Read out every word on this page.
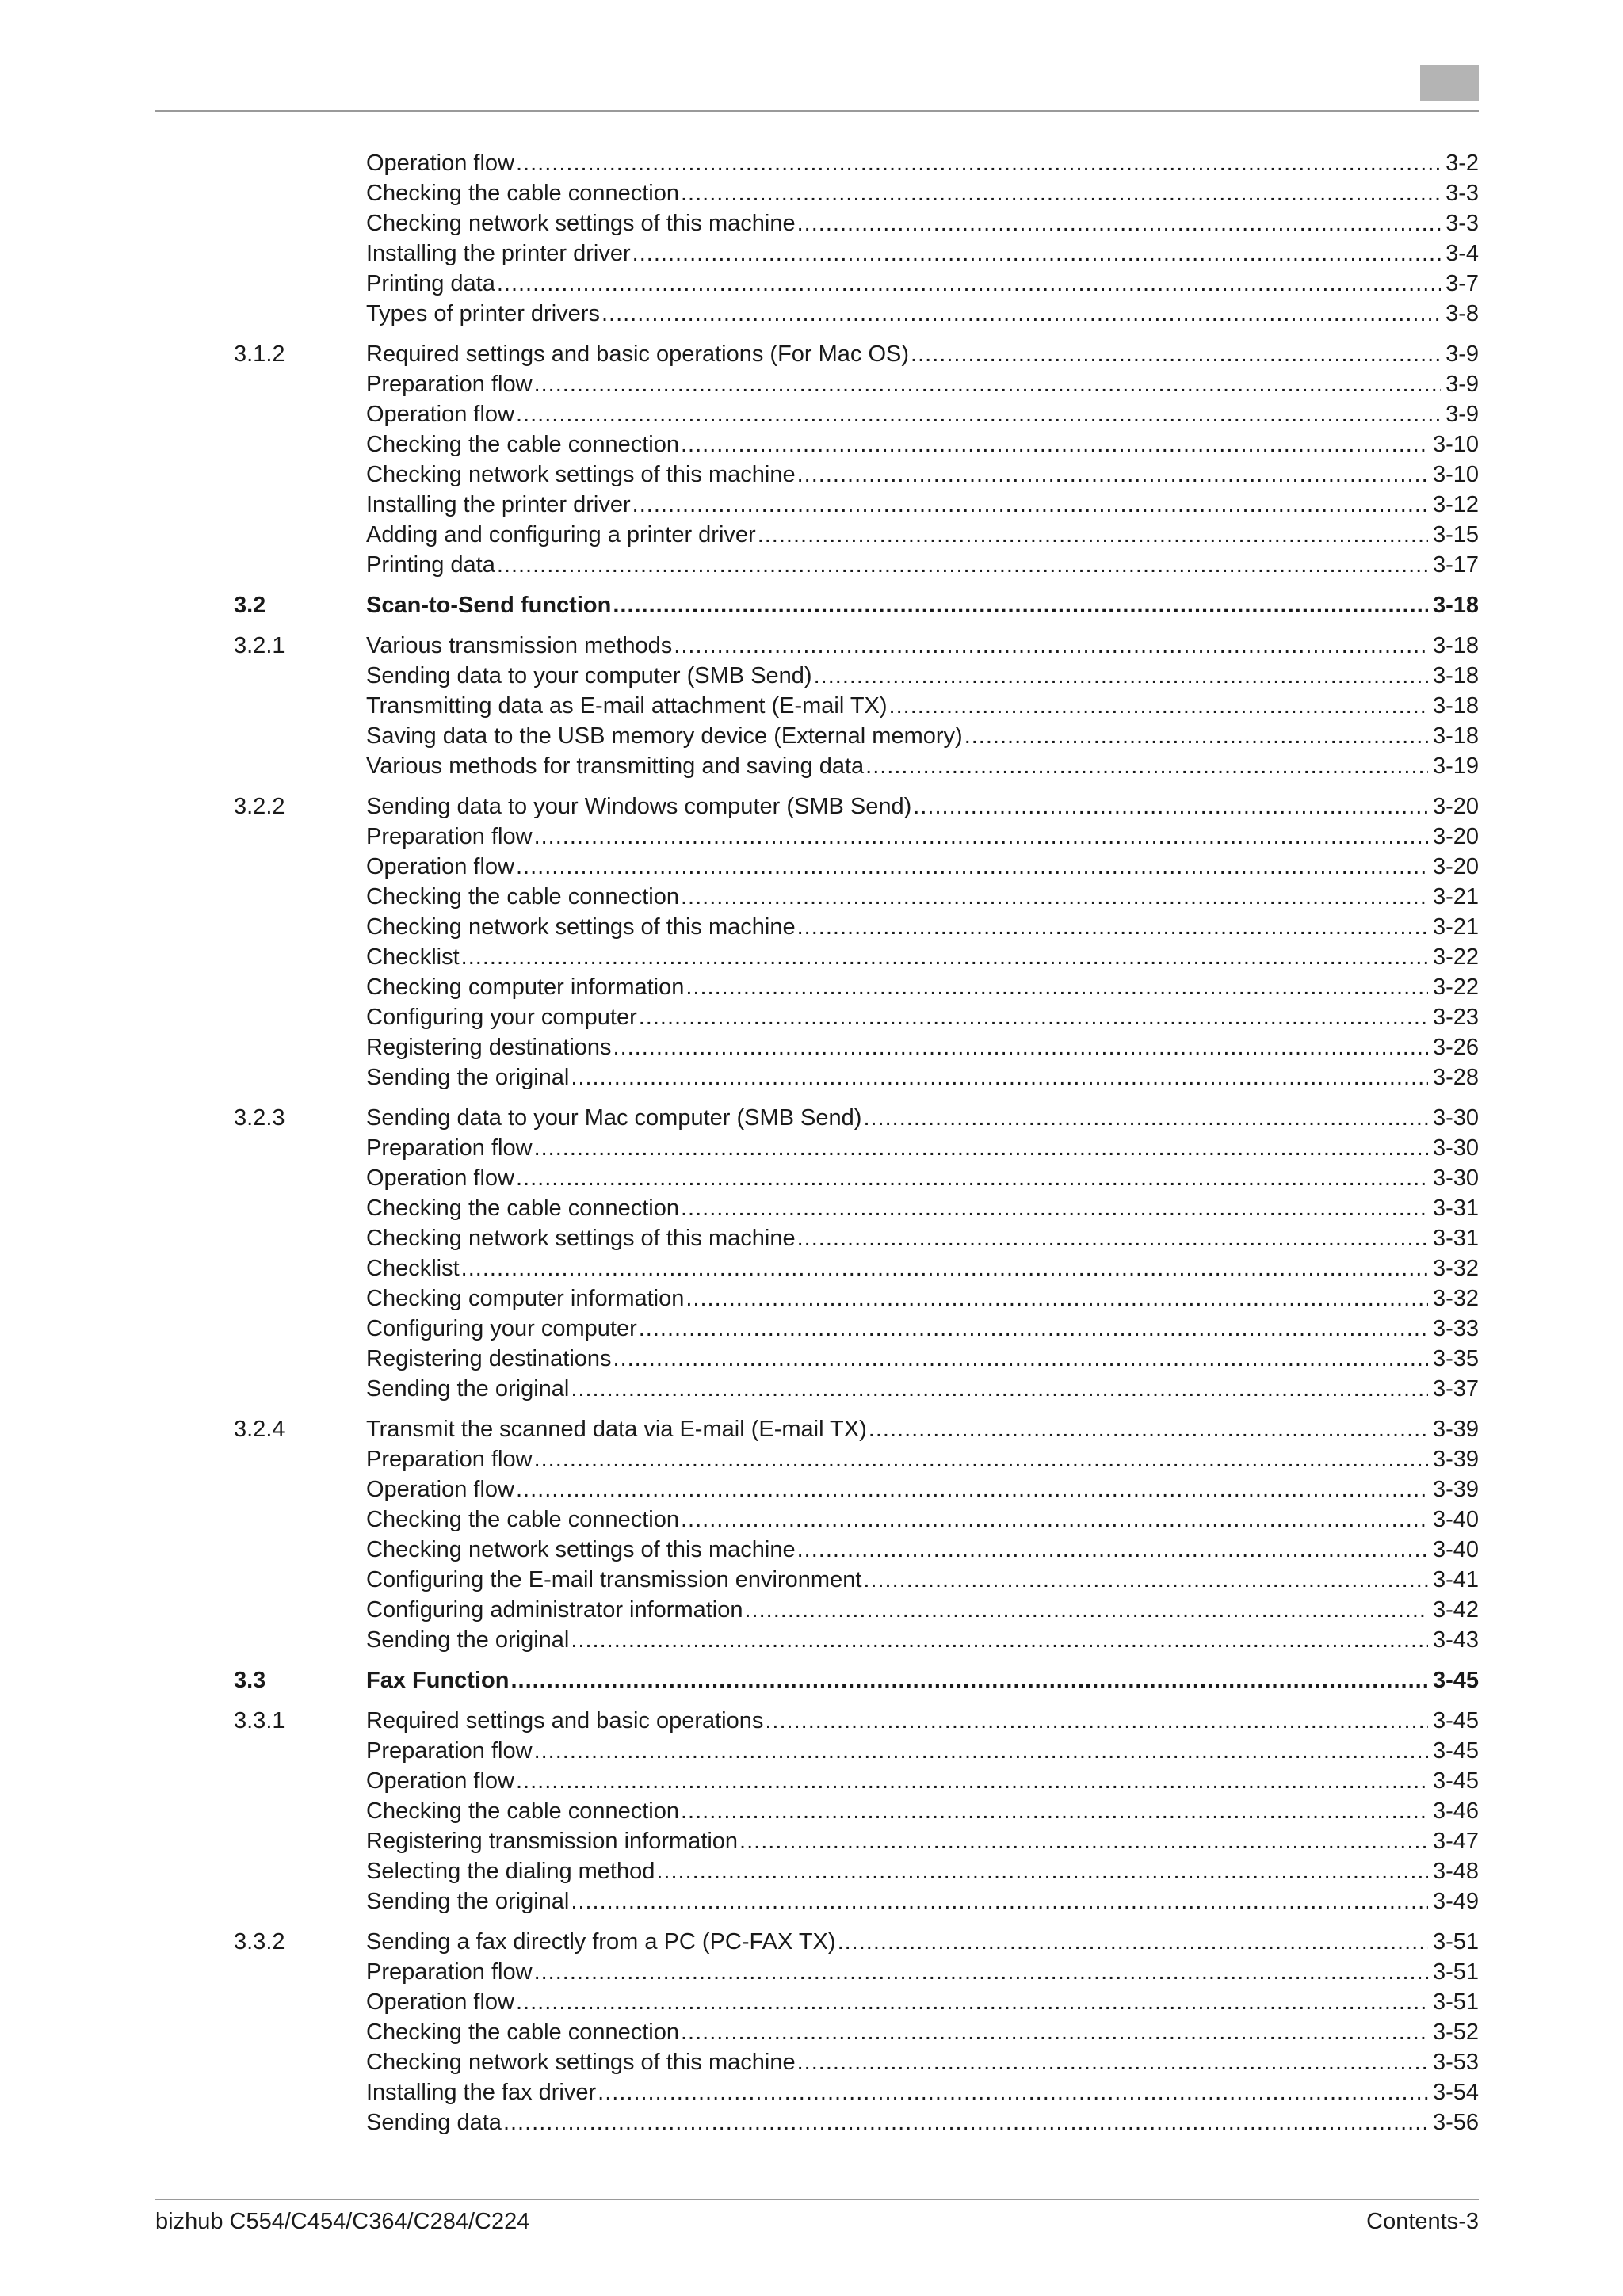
Operation flow .....	3-2
Checking the cable connection .....	3-3
Checking network settings of this machine .....	3-3
Installing the printer driver .....	3-4
Printing data .....	3-7
Types of printer drivers .....	3-8
3.1.2	Required settings and basic operations (For Mac OS) .....	3-9
Preparation flow .....	3-9
Operation flow .....	3-9
Checking the cable connection .....	3-10
Checking network settings of this machine .....	3-10
Installing the printer driver .....	3-12
Adding and configuring a printer driver .....	3-15
Printing data .....	3-17
3.2	Scan-to-Send function .....	3-18
3.2.1	Various transmission methods .....	3-18
Sending data to your computer (SMB Send) .....	3-18
Transmitting data as E-mail attachment (E-mail TX) .....	3-18
Saving data to the USB memory device (External memory) .....	3-18
Various methods for transmitting and saving data .....	3-19
3.2.2	Sending data to your Windows computer (SMB Send) .....	3-20
Preparation flow .....	3-20
Operation flow .....	3-20
Checking the cable connection .....	3-21
Checking network settings of this machine .....	3-21
Checklist .....	3-22
Checking computer information .....	3-22
Configuring your computer .....	3-23
Registering destinations .....	3-26
Sending the original .....	3-28
3.2.3	Sending data to your Mac computer (SMB Send) .....	3-30
Preparation flow .....	3-30
Operation flow .....	3-30
Checking the cable connection .....	3-31
Checking network settings of this machine .....	3-31
Checklist .....	3-32
Checking computer information .....	3-32
Configuring your computer .....	3-33
Registering destinations .....	3-35
Sending the original .....	3-37
3.2.4	Transmit the scanned data via E-mail (E-mail TX) .....	3-39
Preparation flow .....	3-39
Operation flow .....	3-39
Checking the cable connection .....	3-40
Checking network settings of this machine .....	3-40
Configuring the E-mail transmission environment .....	3-41
Configuring administrator information .....	3-42
Sending the original .....	3-43
3.3	Fax Function .....	3-45
3.3.1	Required settings and basic operations .....	3-45
Preparation flow .....	3-45
Operation flow .....	3-45
Checking the cable connection .....	3-46
Registering transmission information .....	3-47
Selecting the dialing method .....	3-48
Sending the original .....	3-49
3.3.2	Sending a fax directly from a PC (PC-FAX TX) .....	3-51
Preparation flow .....	3-51
Operation flow .....	3-51
Checking the cable connection .....	3-52
Checking network settings of this machine .....	3-53
Installing the fax driver .....	3-54
Sending data .....	3-56
bizhub C554/C454/C364/C284/C224	Contents-3
